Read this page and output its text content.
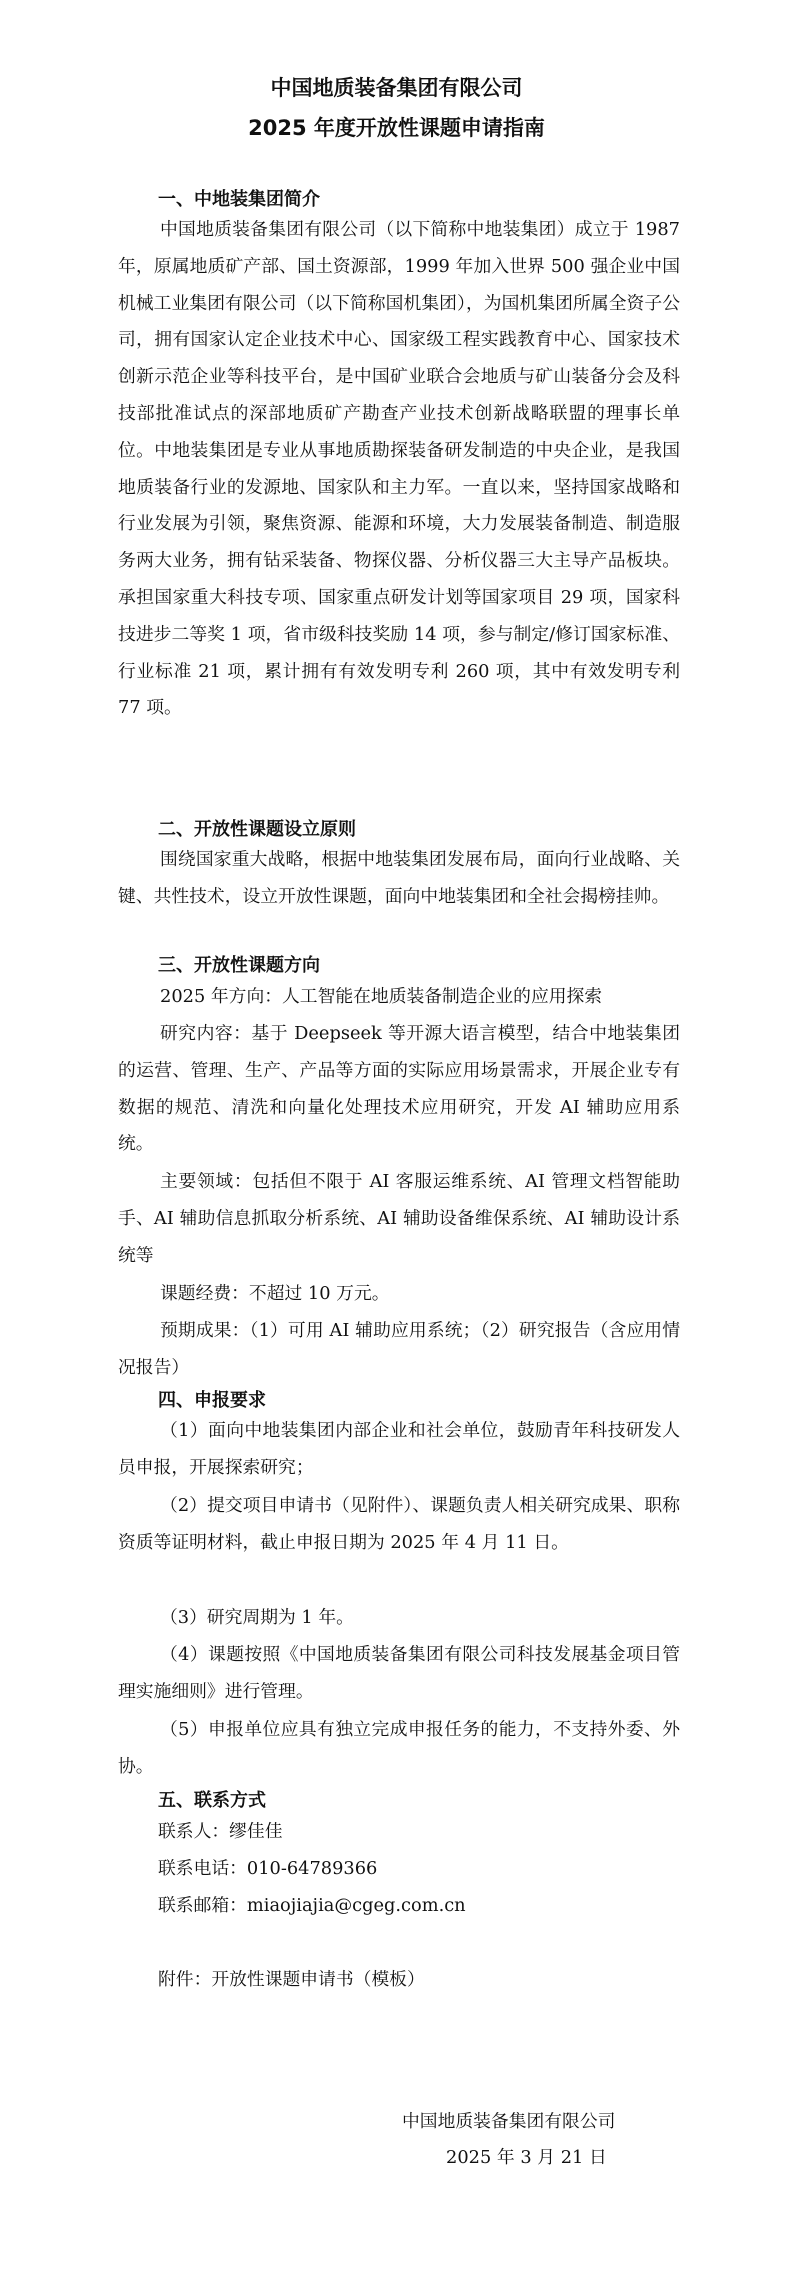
中国地质装备集团有限公司
2025 年度开放性课题申请指南
一、中地装集团简介
中国地质装备集团有限公司（以下简称中地装集团）成立于 1987 年，原属地质矿产部、国土资源部，1999 年加入世界 500 强企业中国机械工业集团有限公司（以下简称国机集团），为国机集团所属全资子公司，拥有国家认定企业技术中心、国家级工程实践教育中心、国家技术创新示范企业等科技平台，是中国矿业联合会地质与矿山装备分会及科技部批准试点的深部地质矿产勘查产业技术创新战略联盟的理事长单位。中地装集团是专业从事地质勘探装备研发制造的中央企业，是我国地质装备行业的发源地、国家队和主力军。一直以来，坚持国家战略和行业发展为引领，聚焦资源、能源和环境，大力发展装备制造、制造服务两大业务，拥有钻采装备、物探仪器、分析仪器三大主导产品板块。承担国家重大科技专项、国家重点研发计划等国家项目 29 项，国家科技进步二等奖 1 项，省市级科技奖励 14 项，参与制定/修订国家标准、行业标准 21 项，累计拥有有效发明专利 260 项，其中有效发明专利 77 项。
二、开放性课题设立原则
围绕国家重大战略，根据中地装集团发展布局，面向行业战略、关键、共性技术，设立开放性课题，面向中地装集团和全社会揭榜挂帅。
三、开放性课题方向
2025 年方向：人工智能在地质装备制造企业的应用探索
研究内容：基于 Deepseek 等开源大语言模型，结合中地装集团的运营、管理、生产、产品等方面的实际应用场景需求，开展企业专有数据的规范、清洗和向量化处理技术应用研究，开发 AI 辅助应用系统。
主要领域：包括但不限于 AI 客服运维系统、AI 管理文档智能助手、AI 辅助信息抓取分析系统、AI 辅助设备维保系统、AI 辅助设计系统等
课题经费：不超过 10 万元。
预期成果：（1）可用 AI 辅助应用系统；（2）研究报告（含应用情况报告）
四、申报要求
（1）面向中地装集团内部企业和社会单位，鼓励青年科技研发人员申报，开展探索研究；
（2）提交项目申请书（见附件）、课题负责人相关研究成果、职称资质等证明材料，截止申报日期为 2025 年 4 月 11 日。
（3）研究周期为 1 年。
（4）课题按照《中国地质装备集团有限公司科技发展基金项目管理实施细则》进行管理。
（5）申报单位应具有独立完成申报任务的能力，不支持外委、外协。
五、联系方式
联系人：缪佳佳
联系电话：010-64789366
联系邮箱：miaojiajia@cgeg.com.cn
附件：开放性课题申请书（模板）
中国地质装备集团有限公司
2025 年 3 月 21 日
